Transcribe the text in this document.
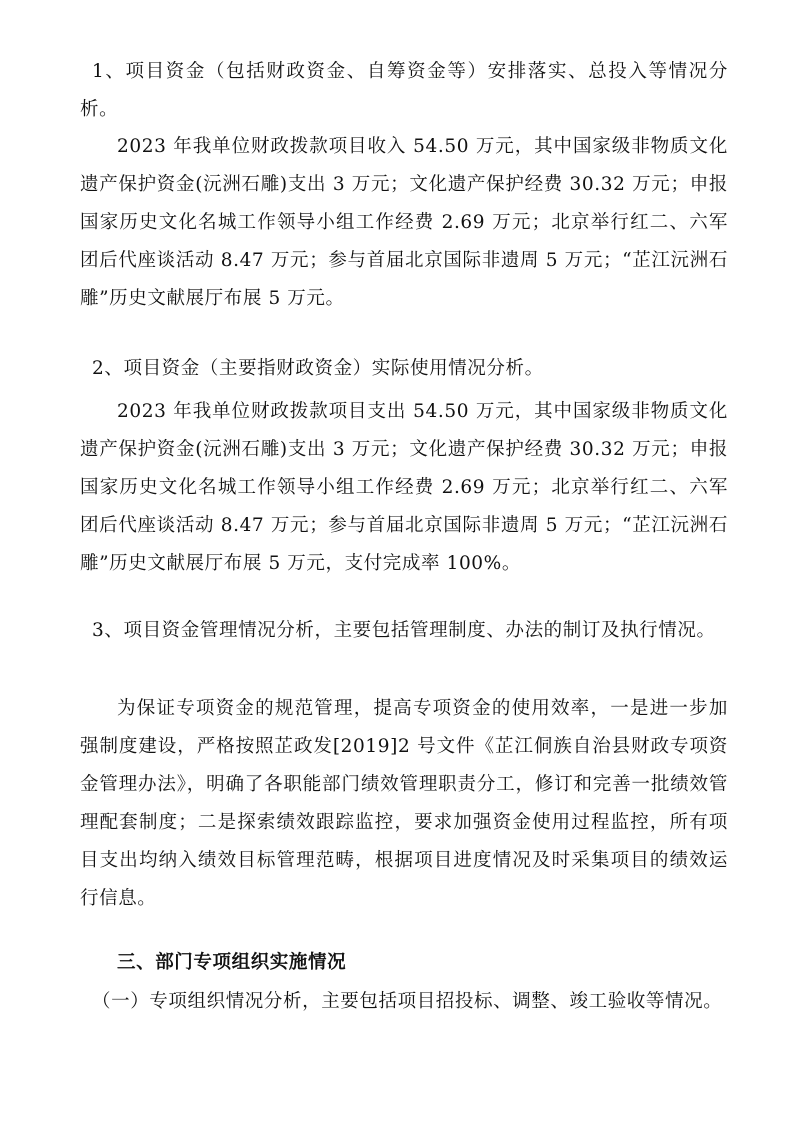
1、项目资金（包括财政资金、自筹资金等）安排落实、总投入等情况分析。

2023 年我单位财政拨款项目收入 54.50 万元，其中国家级非物质文化遗产保护资金(沅洲石雕)支出 3 万元；文化遗产保护经费 30.32 万元；申报国家历史文化名城工作领导小组工作经费 2.69 万元；北京举行红二、六军团后代座谈活动 8.47 万元；参与首届北京国际非遗周 5 万元；“芷江沅洲石雕”历史文献展厅布展 5 万元。

2、项目资金（主要指财政资金）实际使用情况分析。

2023 年我单位财政拨款项目支出 54.50 万元，其中国家级非物质文化遗产保护资金(沅洲石雕)支出 3 万元；文化遗产保护经费 30.32 万元；申报国家历史文化名城工作领导小组工作经费 2.69 万元；北京举行红二、六军团后代座谈活动 8.47 万元；参与首届北京国际非遗周 5 万元；“芷江沅洲石雕”历史文献展厅布展 5 万元，支付完成率 100%。

3、项目资金管理情况分析，主要包括管理制度、办法的制订及执行情况。

为保证专项资金的规范管理，提高专项资金的使用效率，一是进一步加强制度建设，严格按照芷政发[2019]2 号文件《芷江侗族自治县财政专项资金管理办法》，明确了各职能部门绩效管理职责分工，修订和完善一批绩效管理配套制度；二是探索绩效跟踪监控，要求加强资金使用过程监控，所有项目支出均纳入绩效目标管理范畴，根据项目进度情况及时采集项目的绩效运行信息。

三、部门专项组织实施情况

（一）专项组织情况分析，主要包括项目招投标、调整、竣工验收等情况。
